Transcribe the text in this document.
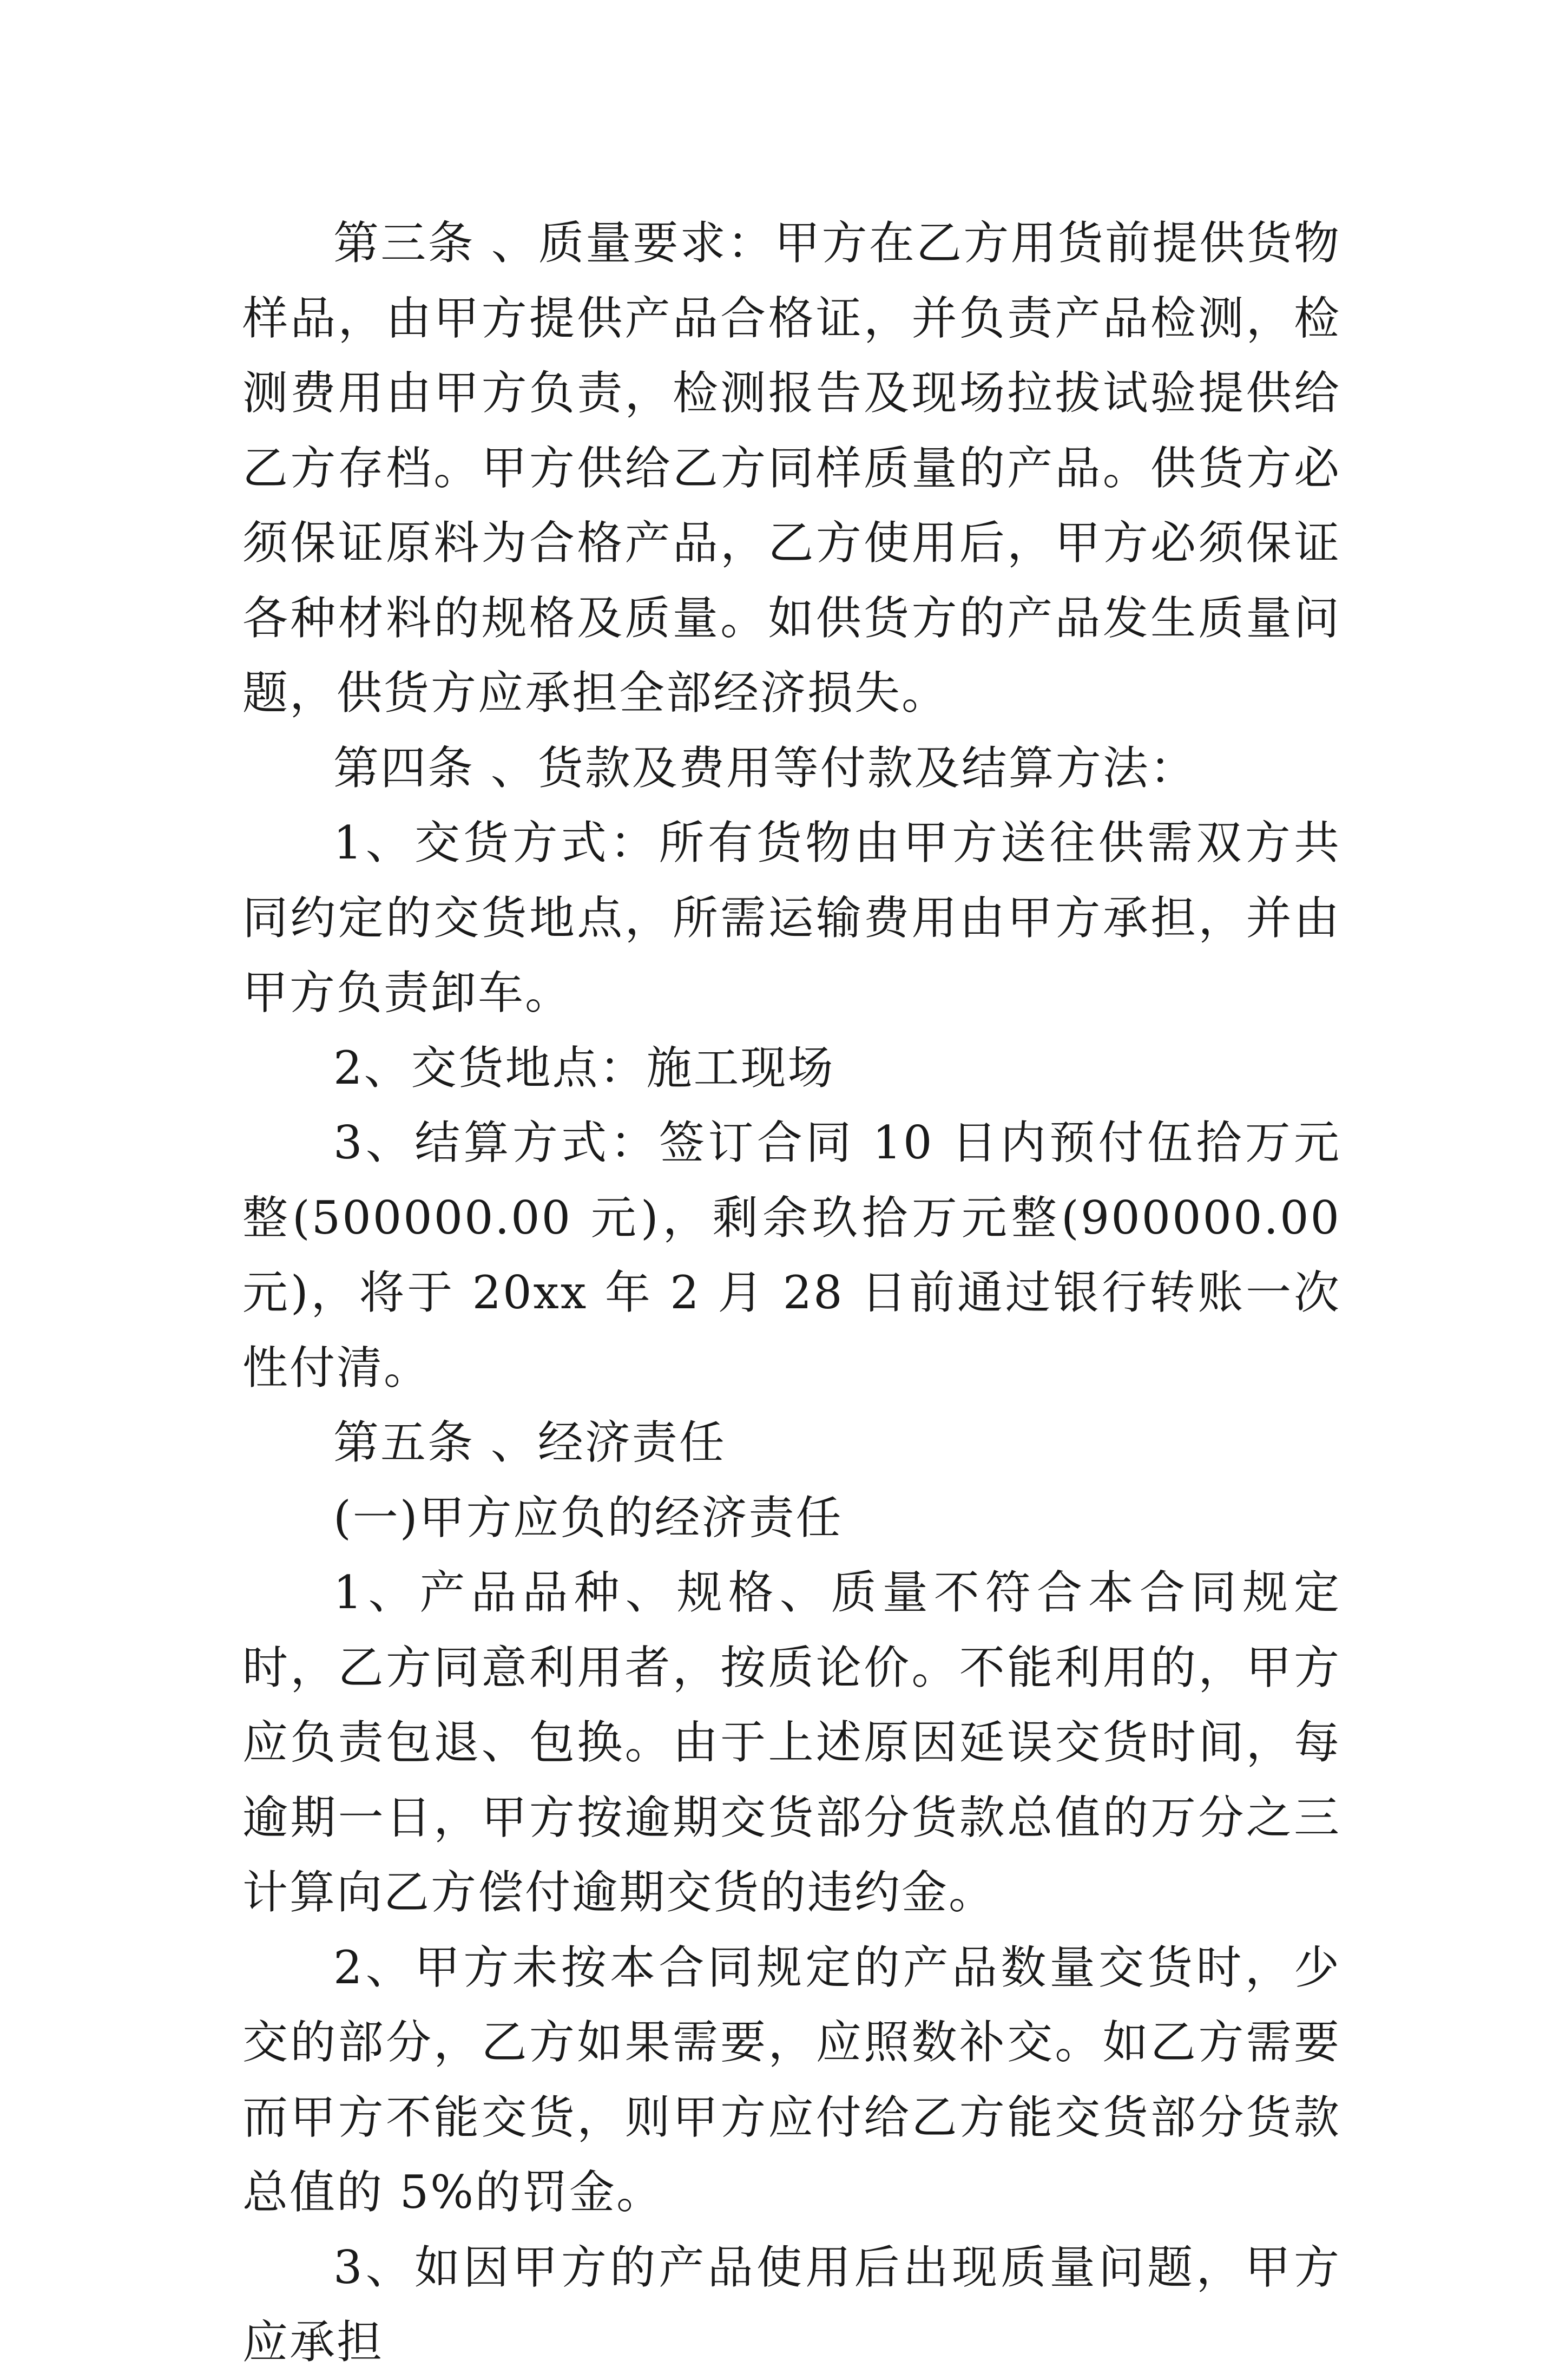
第三条 、质量要求：甲方在乙方用货前提供货物样品，由甲方提供产品合格证，并负责产品检测，检测费用由甲方负责，检测报告及现场拉拔试验提供给乙方存档。甲方供给乙方同样质量的产品。供货方必须保证原料为合格产品，乙方使用后，甲方必须保证各种材料的规格及质量。如供货方的产品发生质量问题，供货方应承担全部经济损失。

第四条 、货款及费用等付款及结算方法：

1、交货方式：所有货物由甲方送往供需双方共同约定的交货地点，所需运输费用由甲方承担，并由甲方负责卸车。

2、交货地点：施工现场

3、结算方式：签订合同 10 日内预付伍拾万元整(500000.00 元)，剩余玖拾万元整(900000.00 元)，将于 20xx 年 2 月 28 日前通过银行转账一次性付清。

第五条 、经济责任

(一)甲方应负的经济责任

1、产品品种、规格、质量不符合本合同规定时，乙方同意利用者，按质论价。不能利用的，甲方应负责包退、包换。由于上述原因延误交货时间，每逾期一日，甲方按逾期交货部分货款总值的万分之三计算向乙方偿付逾期交货的违约金。

2、甲方未按本合同规定的产品数量交货时，少交的部分，乙方如果需要，应照数补交。如乙方需要而甲方不能交货，则甲方应付给乙方能交货部分货款总值的 5%的罚金。

3、如因甲方的产品使用后出现质量问题，甲方应承担
